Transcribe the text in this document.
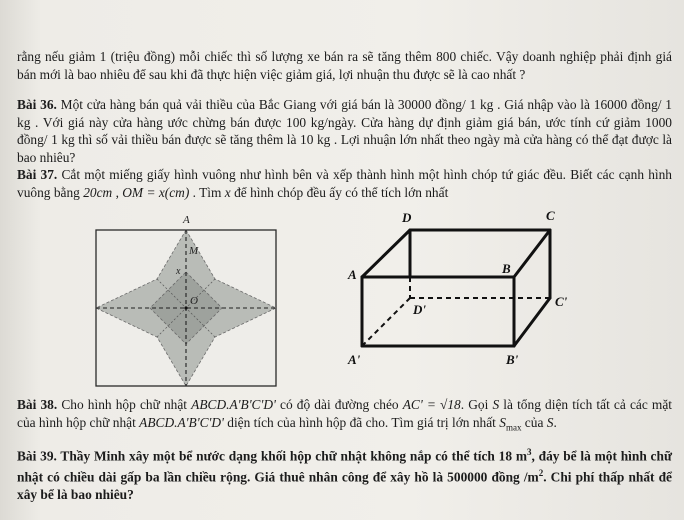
rằng nếu giảm 1 (triệu đồng) mỗi chiếc thì số lượng xe bán ra sẽ tăng thêm 800 chiếc. Vậy doanh nghiệp phải định giá bán mới là bao nhiêu để sau khi đã thực hiện việc giảm giá, lợi nhuận thu được sẽ là cao nhất ?
Bài 36. Một cửa hàng bán quả vải thiều của Bắc Giang với giá bán là 30000 đồng/ 1 kg . Giá nhập vào là 16000 đồng/ 1 kg . Với giá này cửa hàng ước chừng bán được 100 kg/ngày. Cửa hàng dự định giảm giá bán, ước tính cứ giảm 1000 đồng/ 1 kg thì số vải thiều bán được sẽ tăng thêm là 10 kg . Lợi nhuận lớn nhất theo ngày mà cửa hàng có thể đạt được là bao nhiêu?
Bài 37. Cắt một miếng giấy hình vuông như hình bên và xếp thành hình một hình chóp tứ giác đều. Biết các cạnh hình vuông bằng 20cm , OM = x(cm) . Tìm x để hình chóp đều ấy có thể tích lớn nhất
A
M
x
O
D	C
A	B
D'
C'
A'	B'
Bài 38. Cho hình hộp chữ nhật ABCD.A'B'C'D' có độ dài đường chéo AC' = √18. Gọi S là tổng diện tích tất cả các mặt của hình hộp chữ nhật ABCD.A'B'C'D' diện tích của hình hộp đã cho. Tìm giá trị lớn nhất $S_{max}$ của S.
Bài 39. Thầy Minh xây một bể nước dạng khối hộp chữ nhật không nắp có thể tích 18 $m^3$, đáy bể là một hình chữ nhật có chiều dài gấp ba lần chiều rộng. Giá thuê nhân công để xây hồ là 500000 đồng $/m^2$. Chi phí thấp nhất để xây bể là bao nhiêu?
